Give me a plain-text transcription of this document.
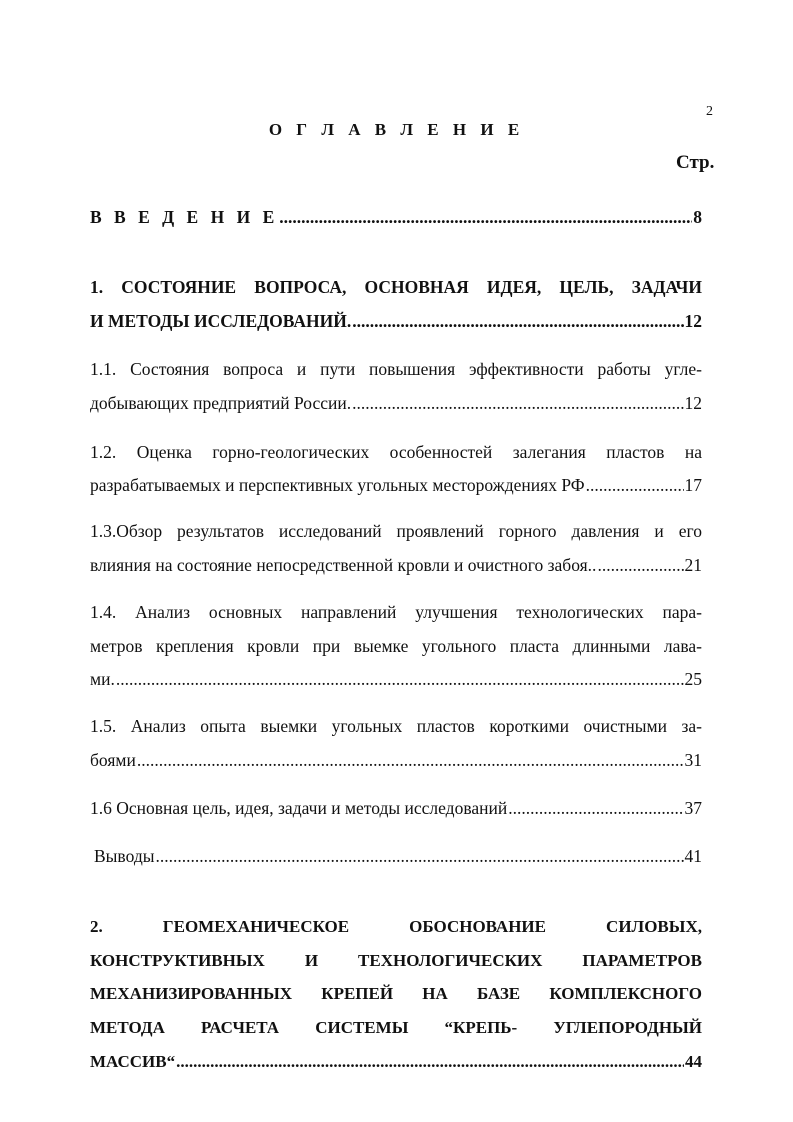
2
О Г Л А В Л Е Н И Е
Стр.
В В Е Д Е Н И Е .....	8
1. СОСТОЯНИЕ ВОПРОСА, ОСНОВНАЯ ИДЕЯ, ЦЕЛЬ, ЗАДАЧИ
И МЕТОДЫ ИССЛЕДОВАНИЙ. .....	12
1.1. Состояния вопроса и пути повышения эффективности работы угле-
добывающих предприятий России. .....	12
1.2. Оценка горно-геологических особенностей залегания пластов на
разрабатываемых и перспективных угольных месторождениях РФ .....	17
1.3.Обзор результатов исследований проявлений горного давления и его
влияния на состояние непосредственной кровли и очистного забоя.. .....	21
1.4. Анализ основных направлений улучшения технологических пара-
метров крепления кровли при выемке угольного пласта длинными лава-
ми. .....	25
1.5. Анализ опыта выемки угольных пластов короткими очистными за-
боями .....	31
1.6 Основная цель, идея, задачи и методы исследований .....	37
Выводы .....	41
2. ГЕОМЕХАНИЧЕСКОЕ ОБОСНОВАНИЕ СИЛОВЫХ,
КОНСТРУКТИВНЫХ И ТЕХНОЛОГИЧЕСКИХ ПАРАМЕТРОВ
МЕХАНИЗИРОВАННЫХ КРЕПЕЙ НА БАЗЕ КОМПЛЕКСНОГО
МЕТОДА РАСЧЕТА СИСТЕМЫ “КРЕПЬ- УГЛЕПОРОДНЫЙ
МАССИВ“ .....	44
